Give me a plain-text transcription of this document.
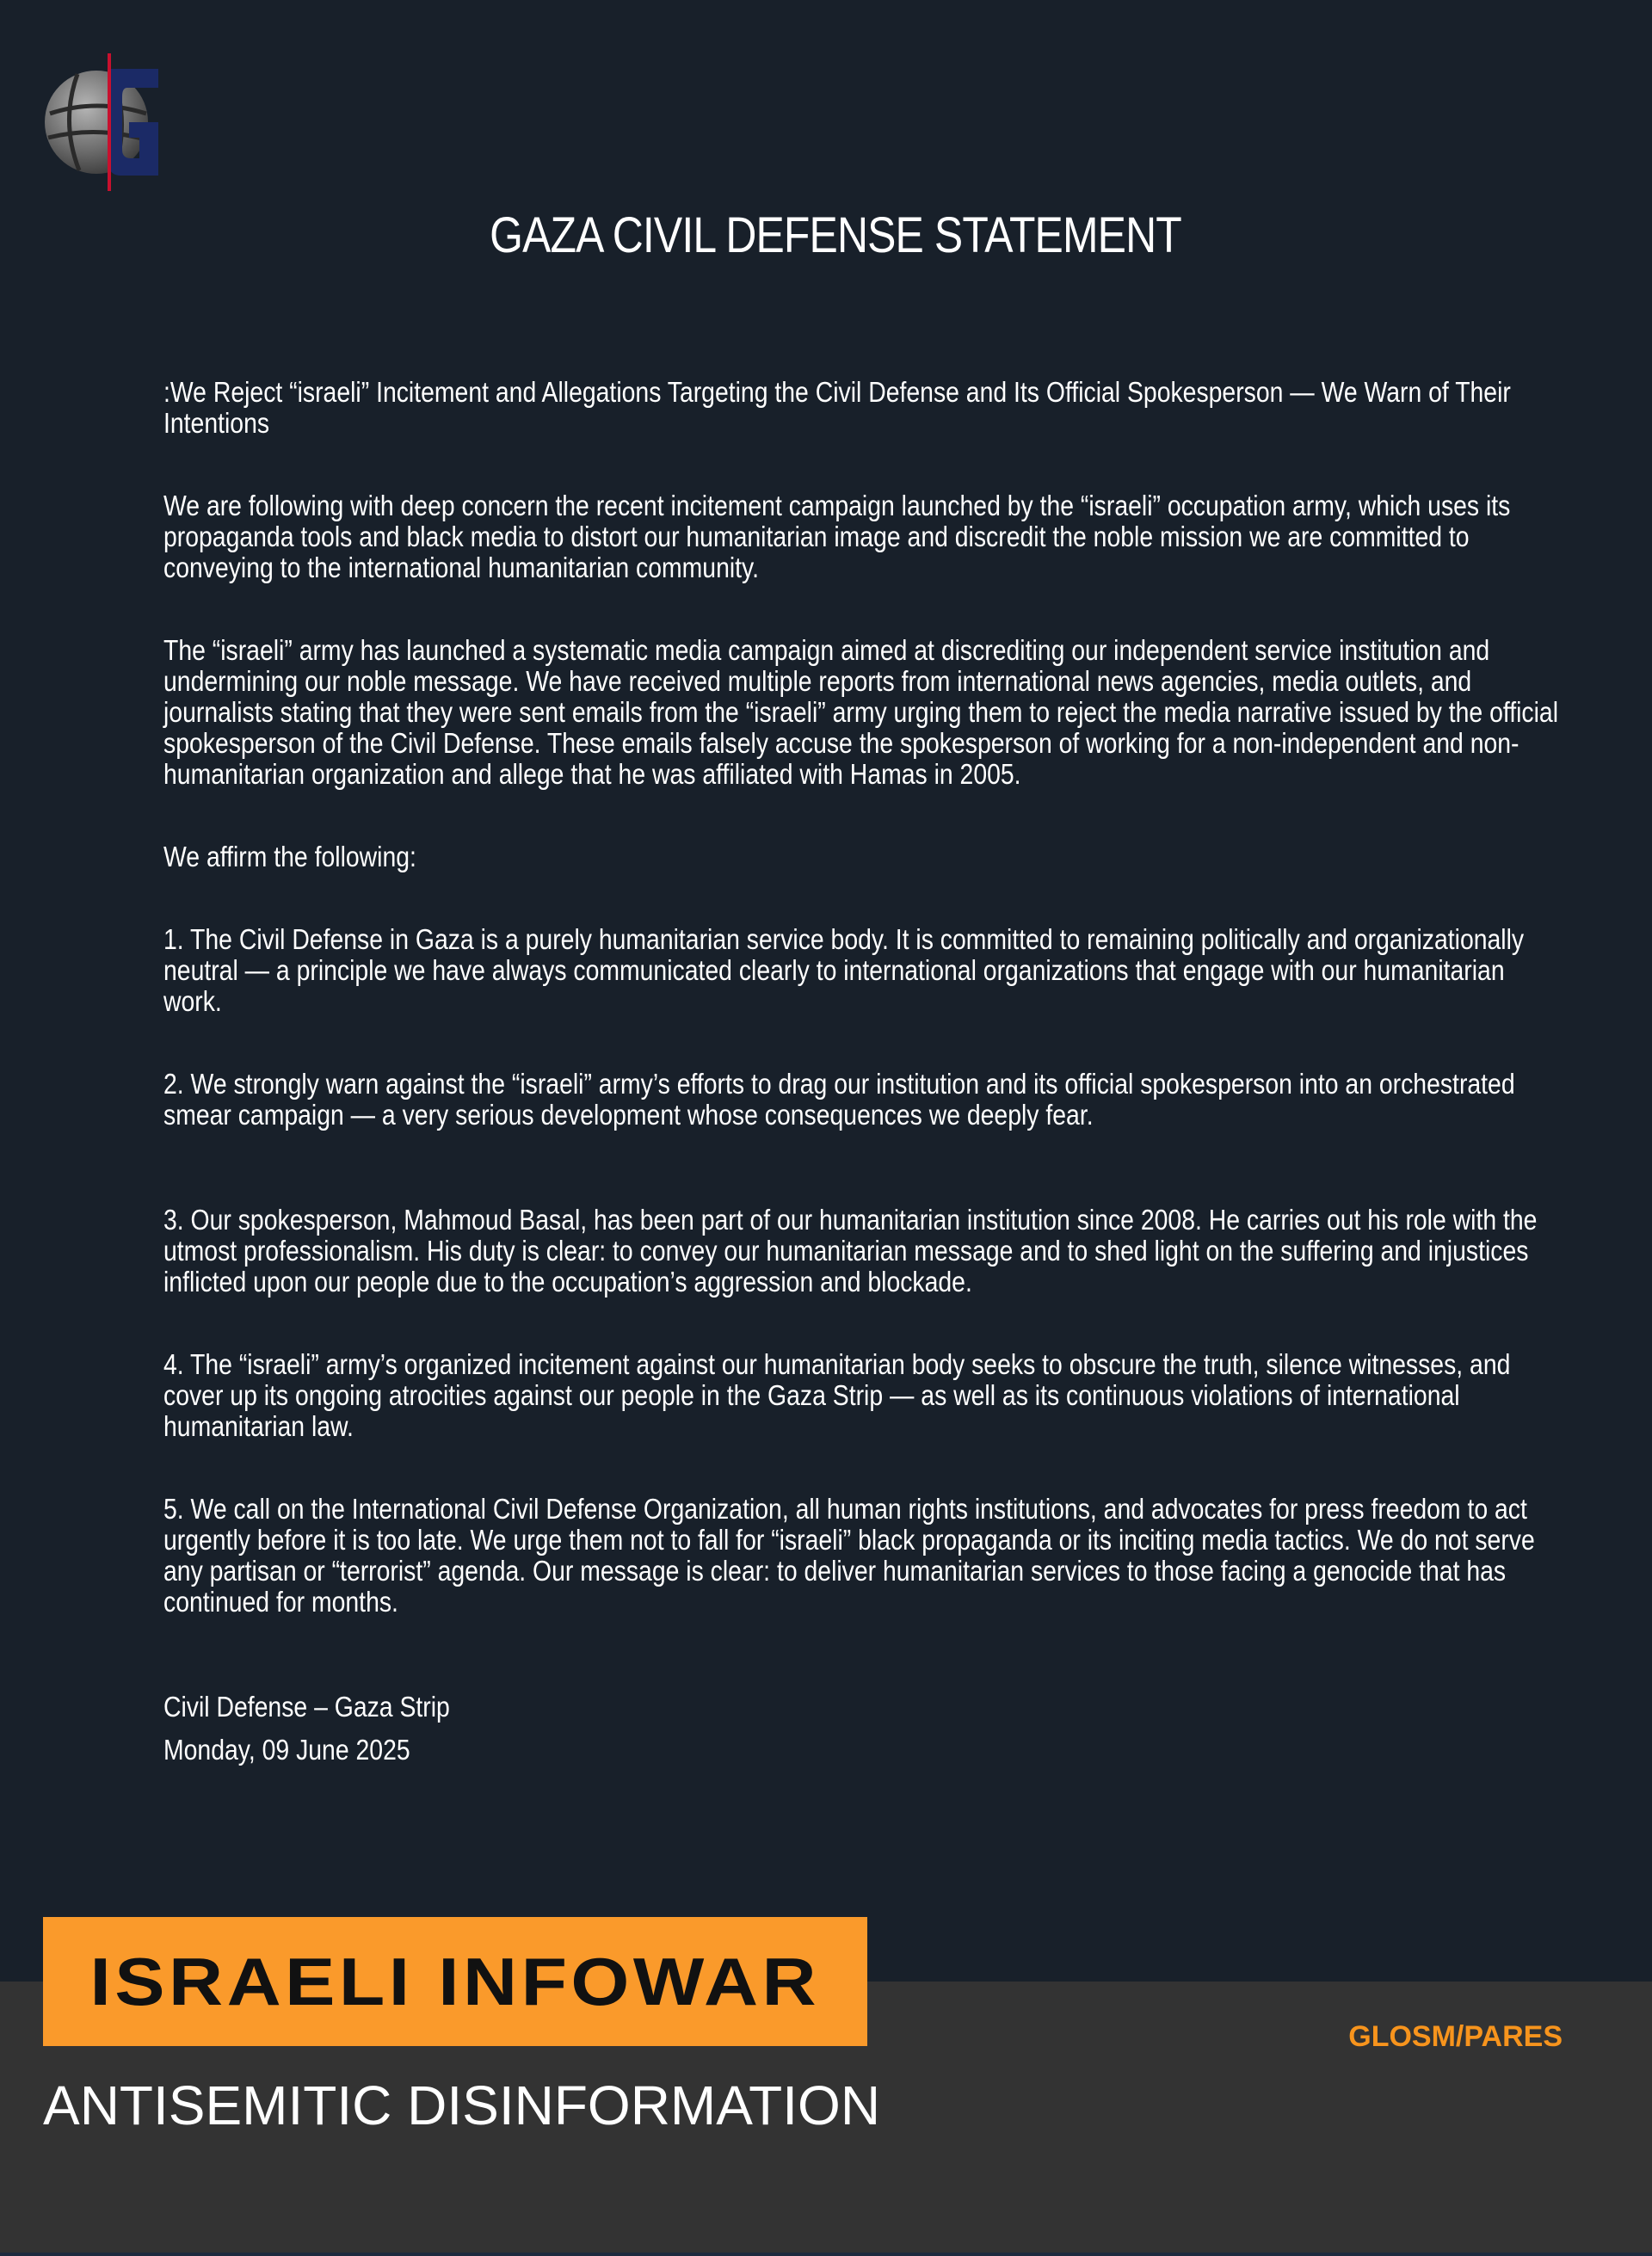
GAZA CIVIL DEFENSE STATEMENT

:We Reject “israeli” Incitement and Allegations Targeting the Civil Defense and Its Official Spokesperson — We Warn of Their Intentions

We are following with deep concern the recent incitement campaign launched by the “israeli” occupation army, which uses its propaganda tools and black media to distort our humanitarian image and discredit the noble mission we are committed to conveying to the international humanitarian community.

The “israeli” army has launched a systematic media campaign aimed at discrediting our independent service institution and undermining our noble message. We have received multiple reports from international news agencies, media outlets, and journalists stating that they were sent emails from the “israeli” army urging them to reject the media narrative issued by the official spokesperson of the Civil Defense. These emails falsely accuse the spokesperson of working for a non-independent and non-humanitarian organization and allege that he was affiliated with Hamas in 2005.

We affirm the following:

1. The Civil Defense in Gaza is a purely humanitarian service body. It is committed to remaining politically and organizationally neutral — a principle we have always communicated clearly to international organizations that engage with our humanitarian work.

2. We strongly warn against the “israeli” army’s efforts to drag our institution and its official spokesperson into an orchestrated smear campaign — a very serious development whose consequences we deeply fear.

3. Our spokesperson, Mahmoud Basal, has been part of our humanitarian institution since 2008. He carries out his role with the utmost professionalism. His duty is clear: to convey our humanitarian message and to shed light on the suffering and injustices inflicted upon our people due to the occupation’s aggression and blockade.

4. The “israeli” army’s organized incitement against our humanitarian body seeks to obscure the truth, silence witnesses, and cover up its ongoing atrocities against our people in the Gaza Strip — as well as its continuous violations of international humanitarian law.

5. We call on the International Civil Defense Organization, all human rights institutions, and advocates for press freedom to act urgently before it is too late. We urge them not to fall for “israeli” black propaganda or its inciting media tactics. We do not serve any partisan or “terrorist” agenda. Our message is clear: to deliver humanitarian services to those facing a genocide that has continued for months.

Civil Defense – Gaza Strip

Monday, 09 June 2025

ISRAELI INFOWAR
ANTISEMITIC DISINFORMATION
GLOSM/PARES
